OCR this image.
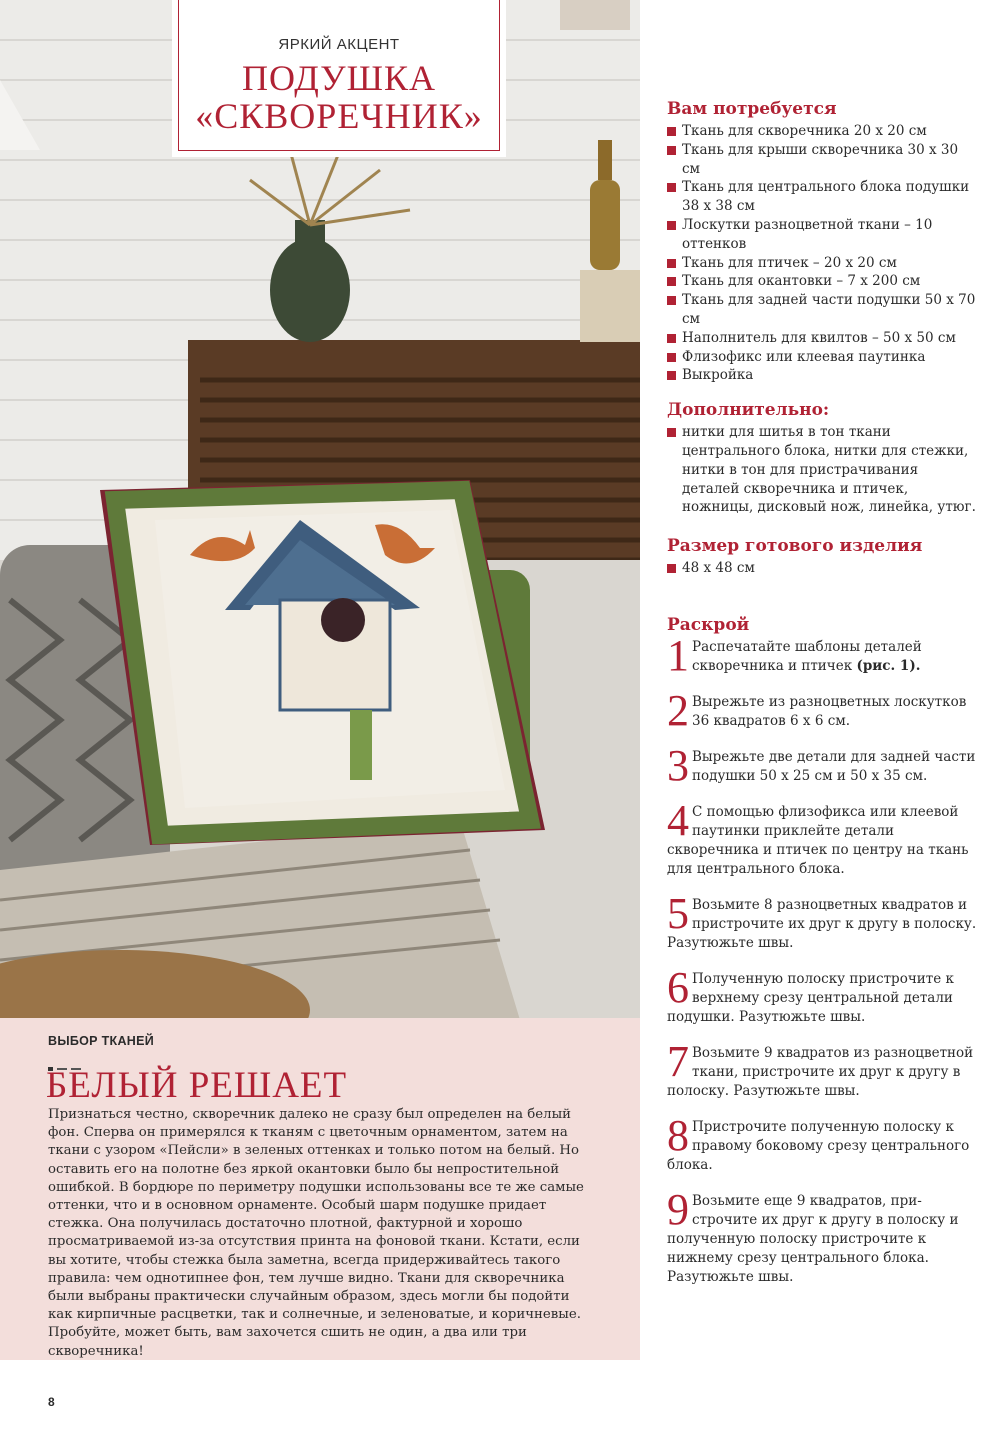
ЯРКИЙ АКЦЕНТ
ПОДУШКА
«СКВОРЕЧНИК»	Вам потребуется
Ткань для скворечника 20 х 20 см
Ткань для крыши скворечника 30 х 30 см
Ткань для центрального блока подушки 38 х 38 см
Лоскутки разноцветной ткани – 10 оттенков
Ткань для птичек – 20 х 20 см
Ткань для окантовки – 7 х 200 см
Ткань для задней части подушки 50 х 70 см
Наполнитель для квилтов – 50 х 50 см
Флизофикс или клеевая паутинка
Выкройка
Дополнительно:
нитки для шитья в тон ткани центрального блока, нитки для стежки, нитки в тон для пристрачивания деталей скворечника и птичек, ножницы, дисковый нож, линейка, утюг.
Размер готового изделия
48 х 48 см
Раскрой
1 Распечатайте шаблоны деталей скворечника и птичек (рис. 1).
2 Вырежьте из разноцветных лоскутков 36 квадратов 6 х 6 см.
3 Вырежьте две детали для задней части подушки 50 х 25 см и 50 х 35 см.
4 С помощью флизофикса или клеевой паутинки приклейте детали скворечника и птичек по центру на ткань для центрального блока.
5 Возьмите 8 разноцветных квадратов и пристрочите их друг к другу в полоску. Разутюжьте швы.
6 Полученную полоску пристрочите к верхнему срезу центральной детали подушки. Разутюжьте швы.
7 Возьмите 9 квадратов из разноцветной ткани, пристрочите их друг к другу в полоску. Разутюжьте швы.
8 Пристрочите полученную полоску к правому боковому срезу центрального блока.
9 Возьмите еще 9 квадратов, пристрочите их друг к другу в полоску и полученную полоску пристрочите к нижнему срезу центрального блока. Разутюжьте швы.
ВЫБОР ТКАНЕЙ
БЕЛЫЙ РЕШАЕТ

Признаться честно, скворечник далеко не сразу был определен на белый фон. Сперва он примерялся к тканям с цветочным орнаментом, затем на ткани с узором «Пейсли» в зеленых оттенках и только потом на белый. Но оставить его на полотне без яркой окантовки было бы непростительной ошибкой. В бордюре по периметру подушки использованы все те же самые оттенки, что и в основном орнаменте. Особый шарм подушке придает стежка. Она получилась достаточно плотной, фактурной и хорошо просматриваемой из-за отсутствия принта на фоновой ткани. Кстати, если вы хотите, чтобы стежка была заметна, всегда придерживайтесь такого правила: чем однотипнее фон, тем лучше видно. Ткани для скворечника были выбраны практически случайным образом, здесь могли бы подойти как кирпичные расцветки, так и солнечные, и зеленоватые, и коричневые. Пробуйте, может быть, вам захочется сшить не один, а два или три скворечника!

8
